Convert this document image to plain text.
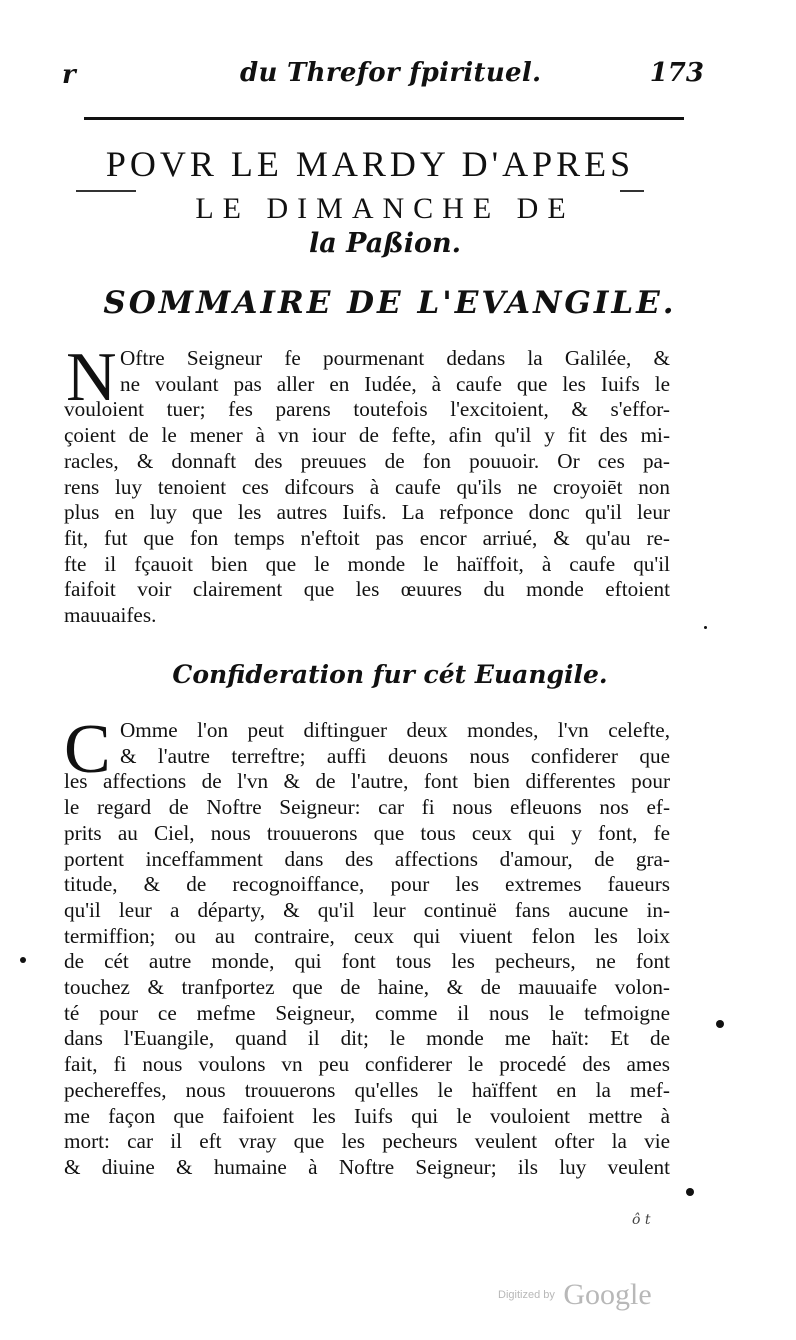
r	du Threfor fpirituel.	173
POVR LE MARDY D'APRES
LE DIMANCHE DE
la Paßion.
SOMMAIRE DE L'EVANGILE.
N Oftre Seigneur fe pourmenant dedans la Galilée, &
ne voulant pas aller en Iudée, à caufe que les Iuifs le
vouloient tuer; fes parens toutefois l'excitoient, & s'effor-
çoient de le mener à vn iour de fefte, afin qu'il y fit des mi-
racles, & donnaft des preuues de fon pouuoir. Or ces pa-
rens luy tenoient ces difcours à caufe qu'ils ne croyoiēt non
plus en luy que les autres Iuifs. La refponce donc qu'il leur
fit, fut que fon temps n'eftoit pas encor arriué, & qu'au re-
fte il fçauoit bien que le monde le haïffoit, à caufe qu'il
faifoit voir clairement que les œuures du monde eftoient
mauuaifes.
Confideration fur cét Euangile.
C Omme l'on peut diftinguer deux mondes, l'vn celefte,
& l'autre terreftre; auffi deuons nous confiderer que
les affections de l'vn & de l'autre, font bien differentes pour
le regard de Noftre Seigneur: car fi nous efleuons nos ef-
prits au Ciel, nous trouuerons que tous ceux qui y font, fe
portent inceffamment dans des affections d'amour, de gra-
titude, & de recognoiffance, pour les extremes faueurs
qu'il leur a départy, & qu'il leur continuë fans aucune in-
termiffion; ou au contraire, ceux qui viuent felon les loix
de cét autre monde, qui font tous les pecheurs, ne font
touchez & tranfportez que de haine, & de mauuaife volon-
té pour ce mefme Seigneur, comme il nous le tefmoigne
dans l'Euangile, quand il dit; le monde me haït: Et de
fait, fi nous voulons vn peu confiderer le procedé des ames
pechereffes, nous trouuerons qu'elles le haïffent en la mef-
me façon que faifoient les Iuifs qui le vouloient mettre à
mort: car il eft vray que les pecheurs veulent ofter la vie
& diuine & humaine à Noftre Seigneur; ils luy veulent
ô t
Digitized by Google
